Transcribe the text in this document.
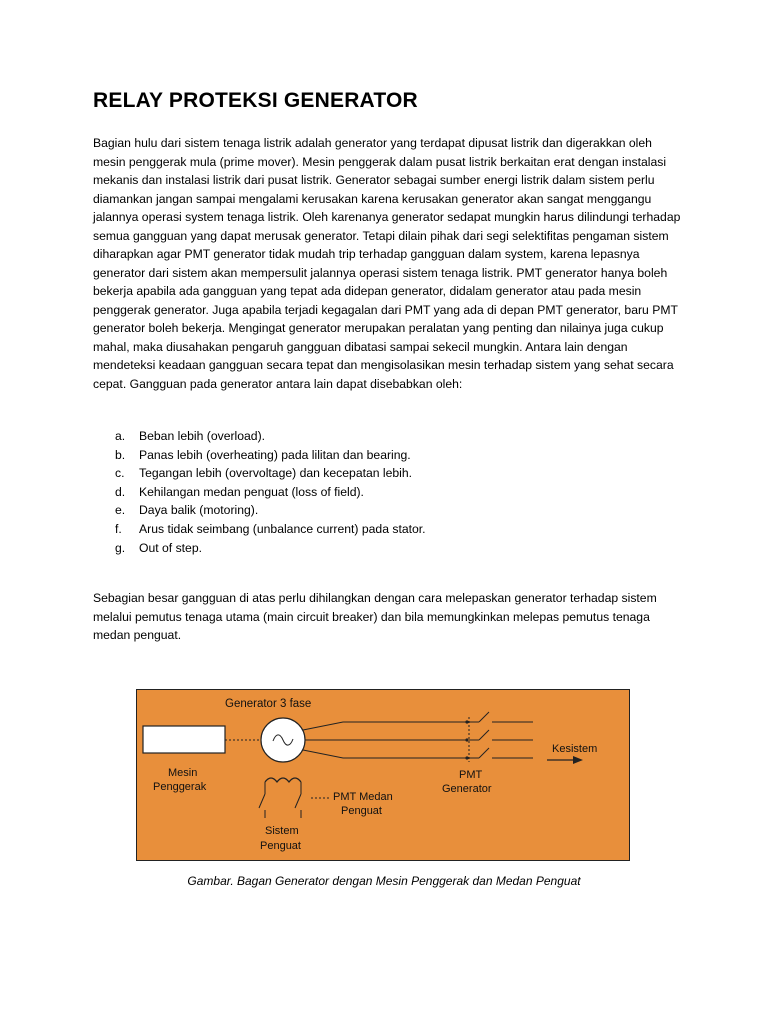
RELAY PROTEKSI GENERATOR

Bagian hulu dari sistem tenaga listrik adalah generator yang terdapat dipusat listrik dan digerakkan oleh mesin penggerak mula (prime mover). Mesin penggerak dalam pusat listrik berkaitan erat dengan instalasi mekanis dan instalasi listrik dari pusat listrik. Generator sebagai sumber energi listrik dalam sistem perlu diamankan jangan sampai mengalami kerusakan karena kerusakan generator akan sangat menggangu jalannya operasi system tenaga listrik. Oleh karenanya generator sedapat mungkin harus dilindungi terhadap semua gangguan yang dapat merusak generator. Tetapi dilain pihak dari segi selektifitas pengaman sistem diharapkan agar PMT generator tidak mudah trip terhadap gangguan dalam system, karena lepasnya generator dari sistem akan mempersulit jalannya operasi sistem tenaga listrik. PMT generator hanya boleh bekerja apabila ada gangguan yang tepat ada didepan generator, didalam generator atau pada mesin penggerak generator. Juga apabila terjadi kegagalan dari PMT yang ada di depan PMT generator, baru PMT generator boleh bekerja. Mengingat generator merupakan peralatan yang penting dan nilainya juga cukup mahal, maka diusahakan pengaruh gangguan dibatasi sampai sekecil mungkin. Antara lain dengan mendeteksi keadaan gangguan secara tepat dan mengisolasikan mesin terhadap sistem yang sehat secara cepat. Gangguan pada generator antara lain dapat disebabkan oleh:

a.	Beban lebih (overload).
b.	Panas lebih (overheating) pada lilitan dan bearing.
c.	Tegangan lebih (overvoltage) dan kecepatan lebih.
d.	Kehilangan medan penguat (loss of field).
e.	Daya balik (motoring).
f.	Arus tidak seimbang (unbalance current) pada stator.
g.	Out of step.

Sebagian besar gangguan di atas perlu dihilangkan dengan cara melepaskan generator terhadap sistem melalui pemutus tenaga utama (main circuit breaker) dan bila memungkinkan melepas pemutus tenaga medan penguat.

Generator 3 fase
Mesin
Penggerak
PMT
Generator
Kesistem
PMT Medan
Penguat
Sistem
Penguat

Gambar. Bagan Generator dengan Mesin Penggerak dan Medan Penguat
